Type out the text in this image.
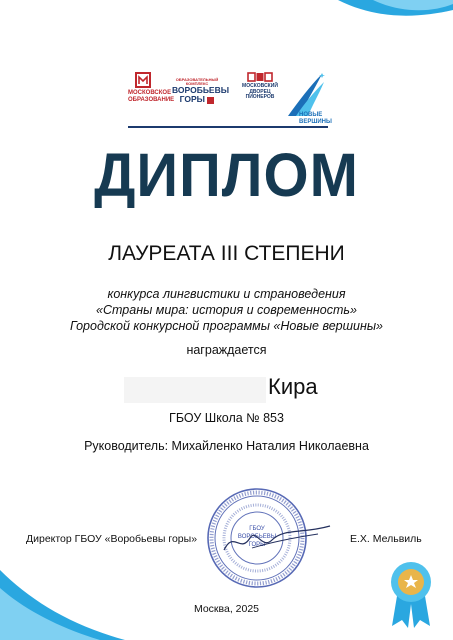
МОСКОВСКОЕ
ОБРАЗОВАНИЕ
ОБРАЗОВАТЕЛЬНЫЙ КОМПЛЕКС
ВОРОБЬЕВЫ
ГОРЫ
МОСКОВСКИЙ
ДВОРЕЦ
ПИОНЕРОВ
НОВЫЕ
ВЕРШИНЫ
ДИПЛОМ
ЛАУРЕАТА III СТЕПЕНИ
конкурса лингвистики и страноведения
«Страны мира: история и современность»
Городской конкурсной программы «Новые вершины»
награждается
Кира
ГБОУ Школа № 853
Руководитель: Михайленко Наталия Николаевна
ГБОУ
ВОРОБЬЕВЫ
ГОРЫ
Директор ГБОУ «Воробьевы горы»	Е.Х. Мельвиль
Москва, 2025
